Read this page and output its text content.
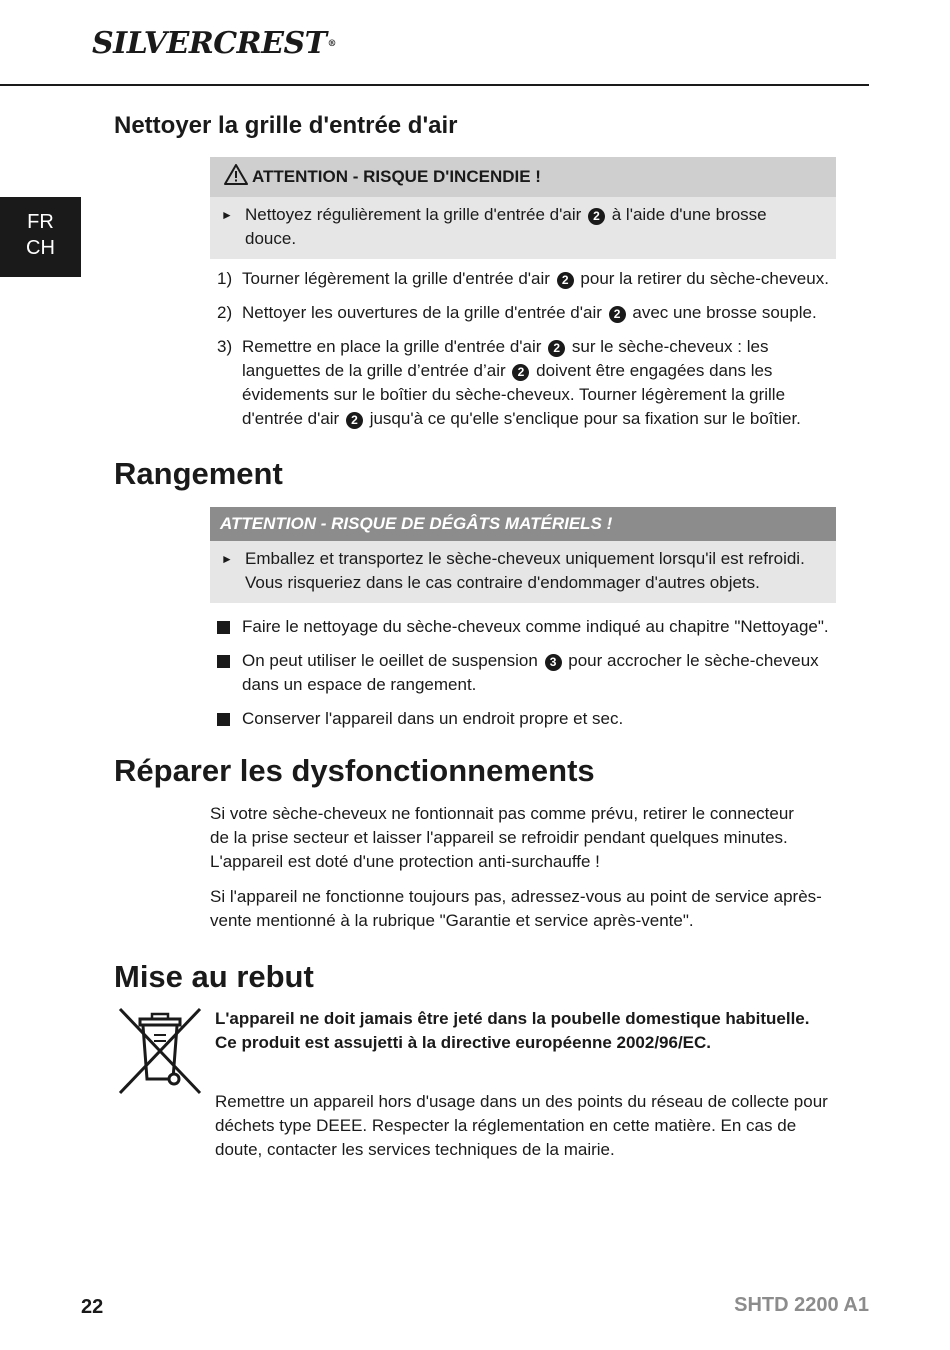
SILVERCREST®
FR
CH
Nettoyer la grille d'entrée d'air
ATTENTION - RISQUE D'INCENDIE !
► Nettoyez régulièrement la grille d'entrée d'air 2 à l'aide d'une brosse douce.
1) Tourner légèrement la grille d'entrée d'air 2 pour la retirer du sèche-cheveux.
2) Nettoyer les ouvertures de la grille d'entrée d'air 2 avec une brosse souple.
3) Remettre en place la grille d'entrée d'air 2 sur le sèche-cheveux : les languettes de la grille d’entrée d’air 2 doivent être engagées dans les évidements sur le boîtier du sèche-cheveux. Tourner légèrement la grille d'entrée d'air 2 jusqu'à ce qu'elle s'enclique pour sa fixation sur le boîtier.
Rangement
ATTENTION - RISQUE DE DÉGÂTS MATÉRIELS !
► Emballez et transportez le sèche-cheveux uniquement lorsqu'il est refroidi. Vous risqueriez dans le cas contraire d'endommager d'autres objets.
Faire le nettoyage du sèche-cheveux comme indiqué au chapitre "Nettoyage".
On peut utiliser le oeillet de suspension 3 pour accrocher le sèche-cheveux dans un espace de rangement.
Conserver l'appareil dans un endroit propre et sec.
Réparer les dysfonctionnements

Si votre sèche-cheveux ne fontionnait pas comme prévu, retirer le connecteur de la prise secteur et laisser l'appareil se refroidir pendant quelques minutes. L'appareil est doté d'une protection anti-surchauffe !

Si l'appareil ne fonctionne toujours pas, adressez-vous au point de service après-vente mentionné à la rubrique "Garantie et service après-vente".

Mise au rebut

L'appareil ne doit jamais être jeté dans la poubelle domestique habituelle. Ce produit est assujetti à la directive européenne 2002/96/EC.

Remettre un appareil hors d'usage dans un des points du réseau de collecte pour déchets type DEEE. Respecter la réglementation en cette matière. En cas de doute, contacter les services techniques de la mairie.

22	SHTD 2200 A1
